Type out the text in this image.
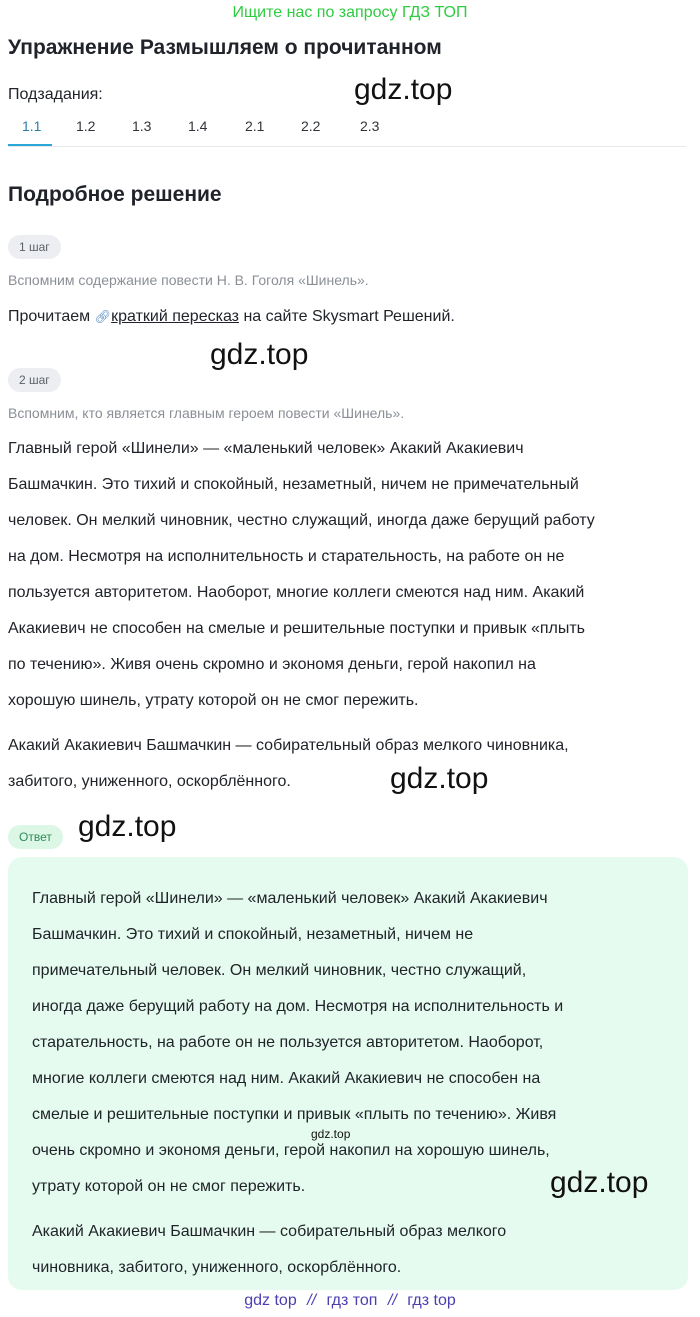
Ищите нас по запросу ГДЗ ТОП
Упражнение Размышляем о прочитанном
Подзадания:	gdz.top
1.1 1.2	1.3	1.4	2.1	2.2	2.3
Подробное решение
1 шаг
Вспомним содержание повести Н. В. Гоголя «Шинель».
Прочитаем 🔗︎краткий пересказ на сайте Skysmart Решений.
gdz.top
2 шаг
Вспомним, кто является главным героем повести «Шинель».
Главный герой «Шинели» — «маленький человек» Акакий Акакиевич
Башмачкин. Это тихий и спокойный, незаметный, ничем не примечательный
человек. Он мелкий чиновник, честно служащий, иногда даже берущий работу
на дом. Несмотря на исполнительность и старательность, на работе он не
пользуется авторитетом. Наоборот, многие коллеги смеются над ним. Акакий
Акакиевич не способен на смелые и решительные поступки и привык «плыть
по течению». Живя очень скромно и экономя деньги, герой накопил на
хорошую шинель, утрату которой он не смог пережить.
Акакий Акакиевич Башмачкин — собирательный образ мелкого чиновника,
забитого, униженного, оскорблённого.	gdz.top
Ответ gdz.top
Главный герой «Шинели» — «маленький человек» Акакий Акакиевич
Башмачкин. Это тихий и спокойный, незаметный, ничем не
примечательный человек. Он мелкий чиновник, честно служащий,
иногда даже берущий работу на дом. Несмотря на исполнительность и
старательность, на работе он не пользуется авторитетом. Наоборот,
многие коллеги смеются над ним. Акакий Акакиевич не способен на
смелые и решительные поступки и привык «плыть по течению». Живя
очень скромно и экономя деньги, герой накопил на хорошую шинель,
утрату которой он не смог пережить.
Акакий Акакиевич Башмачкин — собирательный образ мелкого
чиновника, забитого, униженного, оскорблённого.
gdz.top
gdz.top
gdz top // гдз топ // гдз top
